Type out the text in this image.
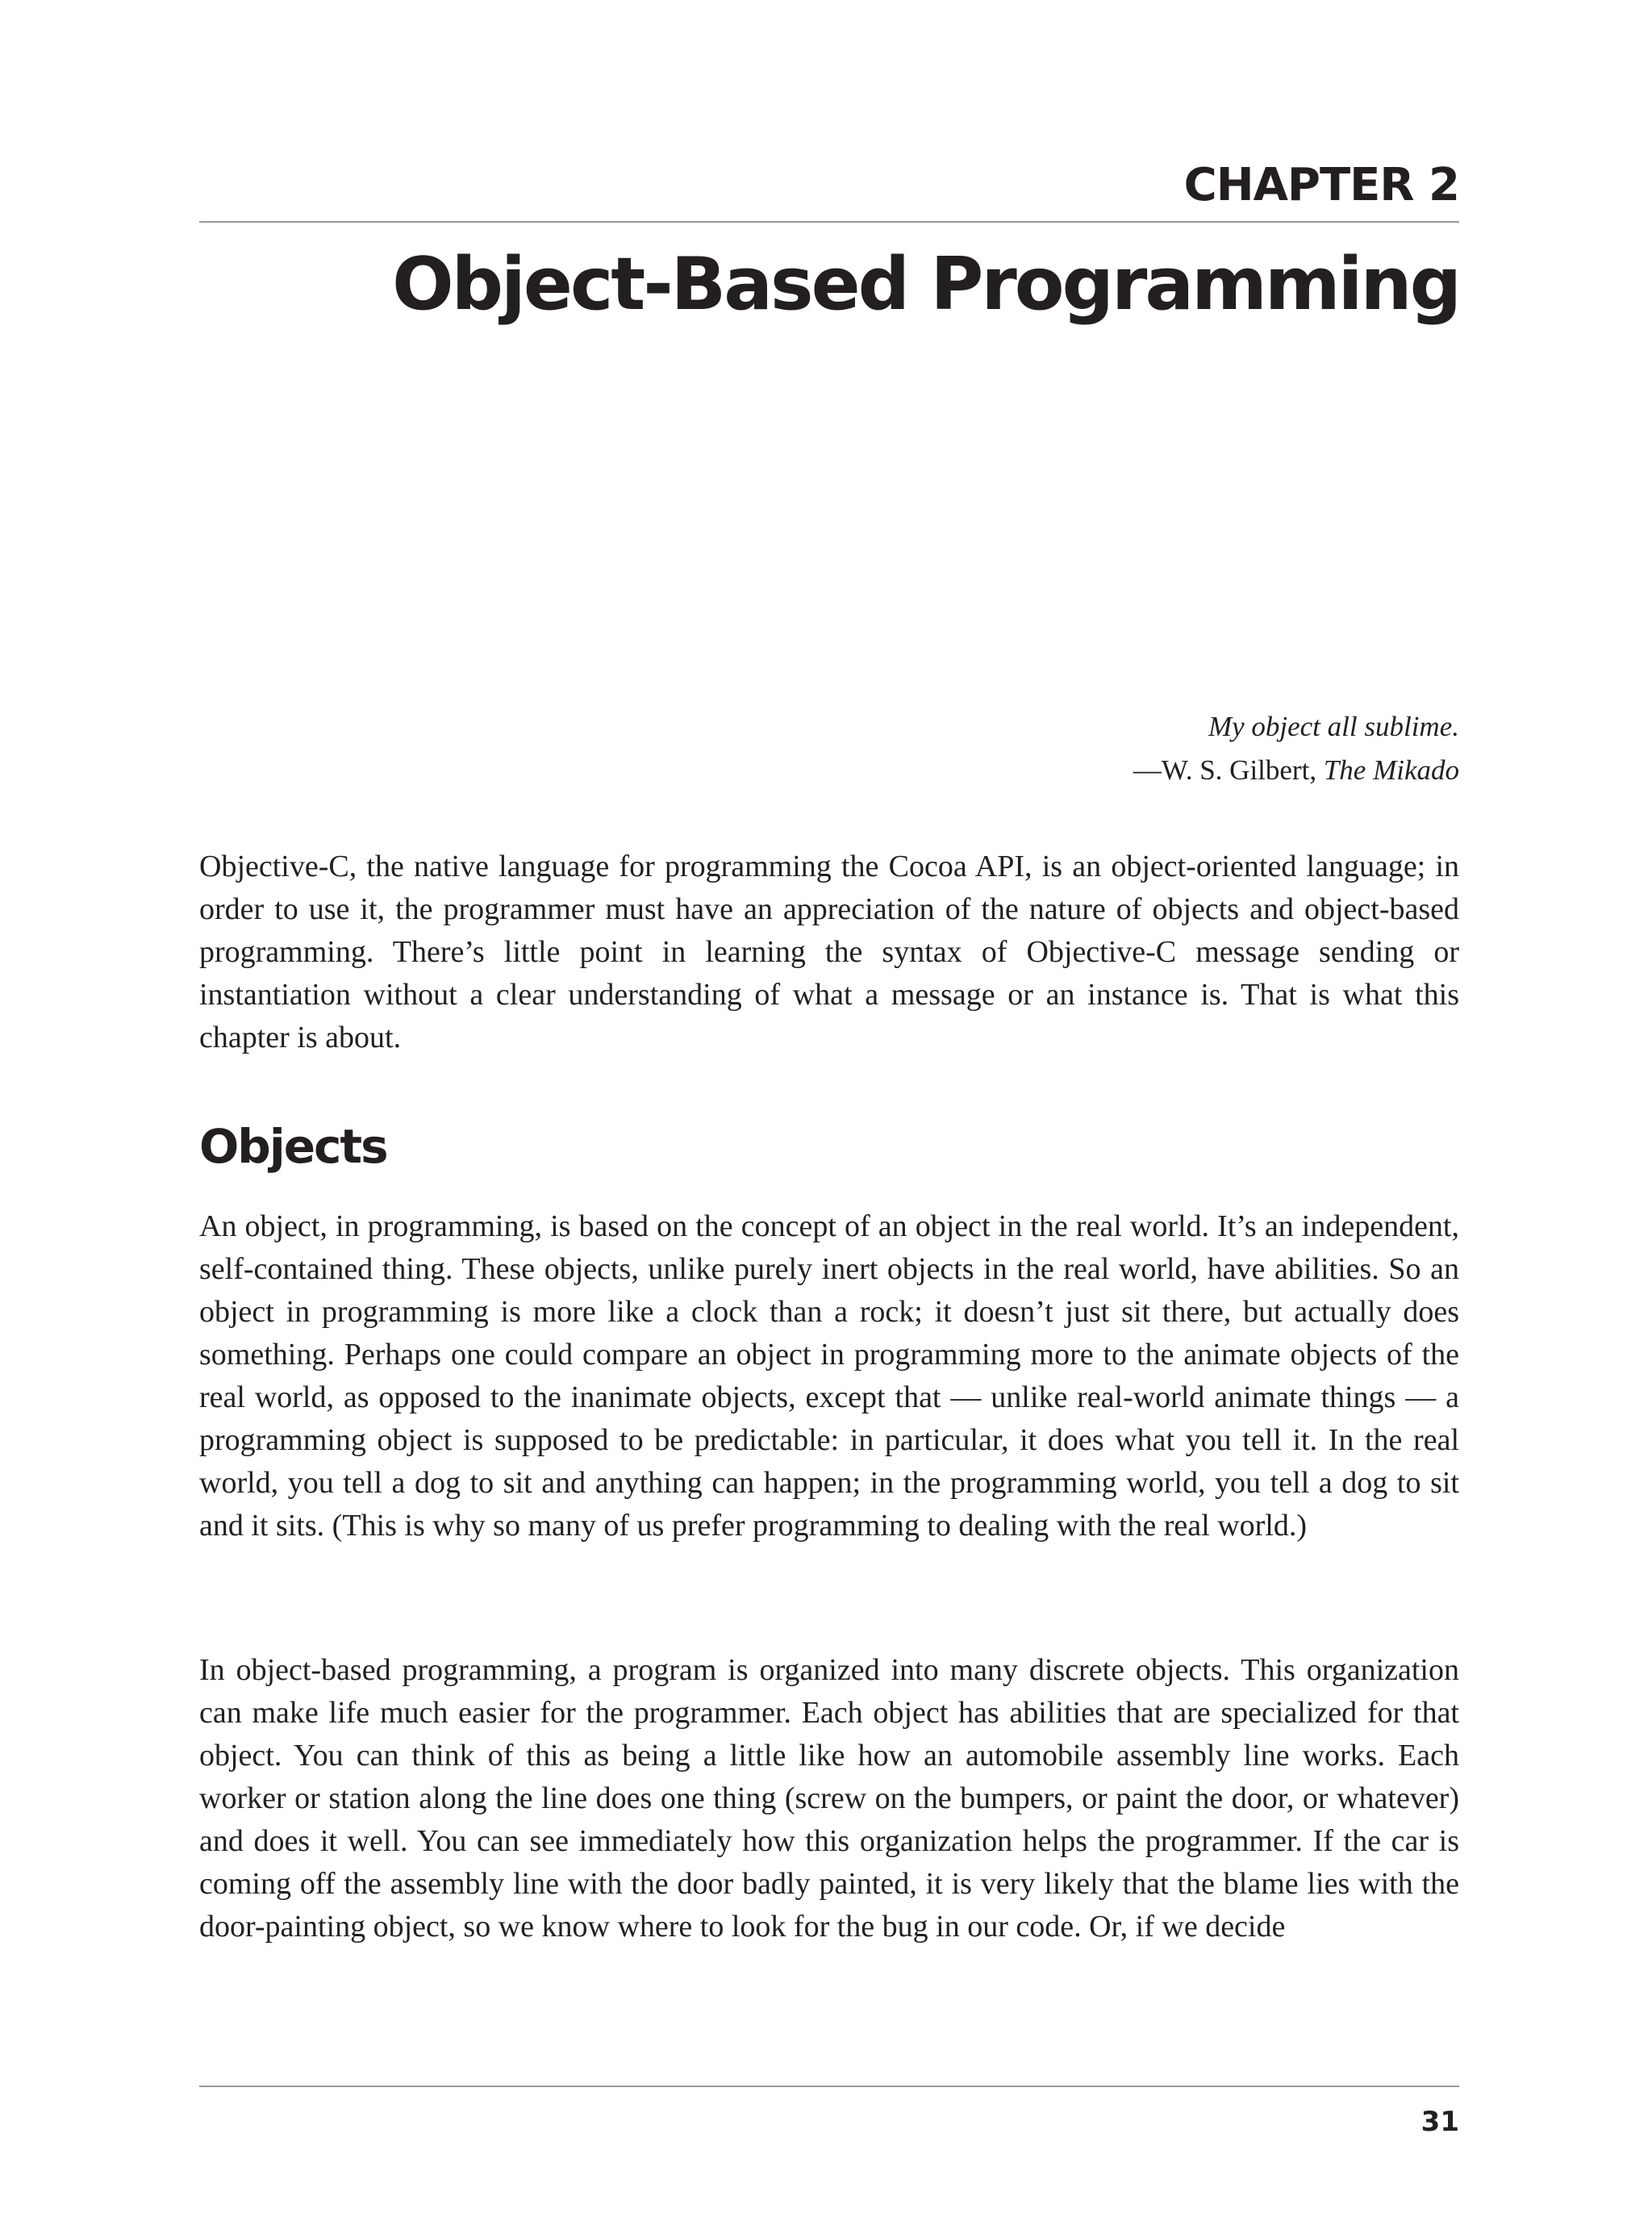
CHAPTER 2
Object-Based Programming
My object all sublime.
—W. S. Gilbert, The Mikado

Objective-C, the native language for programming the Cocoa API, is an object-oriented language; in order to use it, the programmer must have an appreciation of the nature of objects and object-based programming. There’s little point in learning the syntax of Objective-C message sending or instantiation without a clear understanding of what a message or an instance is. That is what this chapter is about.

Objects

An object, in programming, is based on the concept of an object in the real world. It’s an independent, self-contained thing. These objects, unlike purely inert objects in the real world, have abilities. So an object in programming is more like a clock than a rock; it doesn’t just sit there, but actually does something. Perhaps one could compare an object in programming more to the animate objects of the real world, as opposed to the inanimate objects, except that — unlike real-world animate things — a programming object is supposed to be predictable: in particular, it does what you tell it. In the real world, you tell a dog to sit and anything can happen; in the programming world, you tell a dog to sit and it sits. (This is why so many of us prefer programming to dealing with the real world.)

In object-based programming, a program is organized into many discrete objects. This organization can make life much easier for the programmer. Each object has abilities that are specialized for that object. You can think of this as being a little like how an automobile assembly line works. Each worker or station along the line does one thing (screw on the bumpers, or paint the door, or whatever) and does it well. You can see immediately how this organization helps the programmer. If the car is coming off the assembly line with the door badly painted, it is very likely that the blame lies with the door-painting object, so we know where to look for the bug in our code. Or, if we decide

31
